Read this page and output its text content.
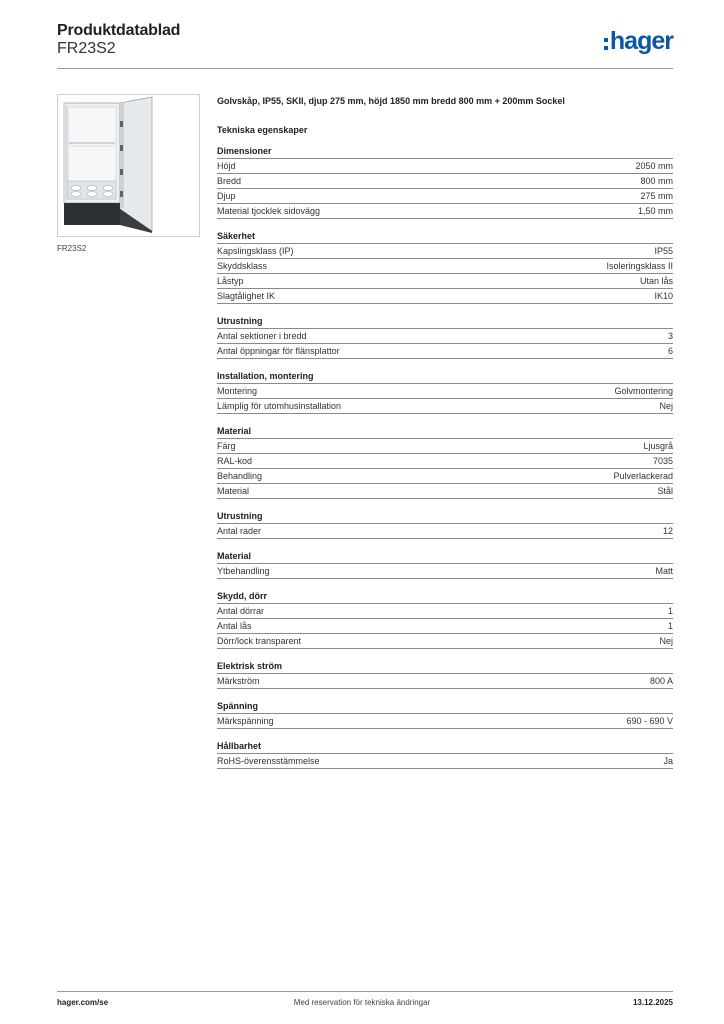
Produktdatablad
FR23S2	hager
FR23S2
Golvskåp, IP55, SKII, djup 275 mm, höjd 1850 mm bredd 800 mm + 200mm Sockel
Tekniska egenskaper
Dimensioner
Höjd	2050 mm
Bredd	800 mm
Djup	275 mm
Material tjocklek sidovägg	1,50 mm
Säkerhet
Kapslingsklass (IP)	IP55
Skyddsklass	Isoleringsklass II
Låstyp	Utan lås
Slagtålighet IK	IK10
Utrustning
Antal sektioner i bredd	3
Antal öppningar för flänsplattor	6
Installation, montering
Montering	Golvmontering
Lämplig för utomhusinstallation	Nej
Material
Färg	Ljusgrå
RAL-kod	7035
Behandling	Pulverlackerad
Material	Stål
Utrustning
Antal rader	12
Material
Ytbehandling	Matt
Skydd, dörr
Antal dörrar	1
Antal lås	1
Dörr/lock transparent	Nej
Elektrisk ström
Märkström	800 A
Spänning
Märkspänning	690 - 690 V
Hållbarhet
RoHS-överensstämmelse	Ja
hager.com/se	Med reservation för tekniska ändringar	13.12.2025
